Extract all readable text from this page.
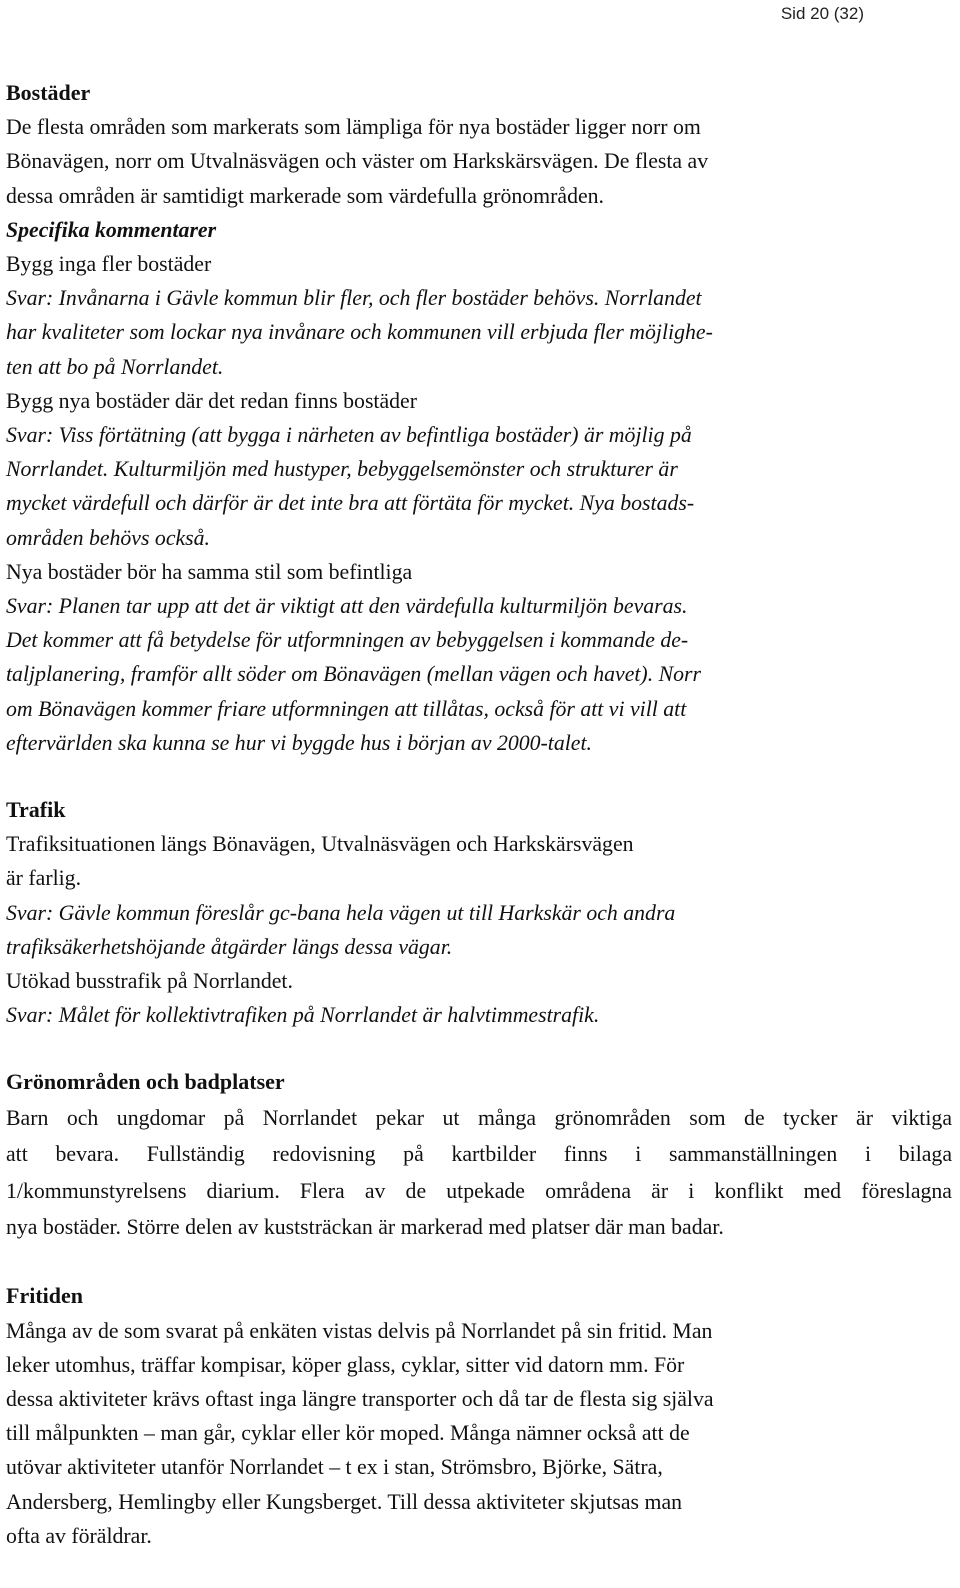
Sid 20 (32)
Bostäder
De flesta områden som markerats som lämpliga för nya bostäder ligger norr om
Bönavägen, norr om Utvalnäsvägen och väster om Harkskärsvägen. De flesta av
dessa områden är samtidigt markerade som värdefulla grönområden.
Specifika kommentarer
Bygg inga fler bostäder
Svar: Invånarna i Gävle kommun blir fler, och fler bostäder behövs. Norrlandet
har kvaliteter som lockar nya invånare och kommunen vill erbjuda fler möjlighe-
ten att bo på Norrlandet.
Bygg nya bostäder där det redan finns bostäder
Svar: Viss förtätning (att bygga i närheten av befintliga bostäder) är möjlig på
Norrlandet. Kulturmiljön med hustyper, bebyggelsemönster och strukturer är
mycket värdefull och därför är det inte bra att förtäta för mycket. Nya bostads-
områden behövs också.
Nya bostäder bör ha samma stil som befintliga
Svar: Planen tar upp att det är viktigt att den värdefulla kulturmiljön bevaras.
Det kommer att få betydelse för utformningen av bebyggelsen i kommande de-
taljplanering, framför allt söder om Bönavägen (mellan vägen och havet). Norr
om Bönavägen kommer friare utformningen att tillåtas, också för att vi vill att
eftervärlden ska kunna se hur vi byggde hus i början av 2000-talet.
Trafik
Trafiksituationen längs Bönavägen, Utvalnäsvägen och Harkskärsvägen
är farlig.
Svar: Gävle kommun föreslår gc-bana hela vägen ut till Harkskär och andra
trafiksäkerhetshöjande åtgärder längs dessa vägar.
Utökad busstrafik på Norrlandet.
Svar: Målet för kollektivtrafiken på Norrlandet är halvtimmestrafik.
Grönområden och badplatser
Barn och ungdomar på Norrlandet pekar ut många grönområden som de tycker är viktiga
att bevara. Fullständig redovisning på kartbilder finns i sammanställningen i bilaga
1/kommunstyrelsens diarium. Flera av de utpekade områdena är i konflikt med föreslagna
nya bostäder. Större delen av kuststräckan är markerad med platser där man badar.
Fritiden
Många av de som svarat på enkäten vistas delvis på Norrlandet på sin fritid. Man
leker utomhus, träffar kompisar, köper glass, cyklar, sitter vid datorn mm. För
dessa aktiviteter krävs oftast inga längre transporter och då tar de flesta sig själva
till målpunkten – man går, cyklar eller kör moped. Många nämner också att de
utövar aktiviteter utanför Norrlandet – t ex i stan, Strömsbro, Björke, Sätra,
Andersberg, Hemlingby eller Kungsberget. Till dessa aktiviteter skjutsas man
ofta av föräldrar.
